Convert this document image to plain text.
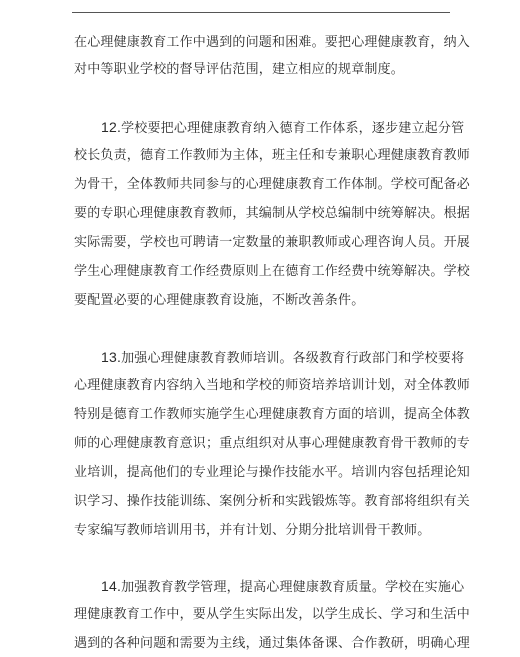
在心理健康教育工作中遇到的问题和困难。要把心理健康教育，纳入
对中等职业学校的督导评估范围，建立相应的规章制度。
12.学校要把心理健康教育纳入德育工作体系，逐步建立起分管
校长负责，德育工作教师为主体，班主任和专兼职心理健康教育教师
为骨干，全体教师共同参与的心理健康教育工作体制。学校可配备必
要的专职心理健康教育教师，其编制从学校总编制中统筹解决。根据
实际需要，学校也可聘请一定数量的兼职教师或心理咨询人员。开展
学生心理健康教育工作经费原则上在德育工作经费中统筹解决。学校
要配置必要的心理健康教育设施，不断改善条件。
13.加强心理健康教育教师培训。各级教育行政部门和学校要将
心理健康教育内容纳入当地和学校的师资培养培训计划，对全体教师
特别是德育工作教师实施学生心理健康教育方面的培训，提高全体教
师的心理健康教育意识；重点组织对从事心理健康教育骨干教师的专
业培训，提高他们的专业理论与操作技能水平。培训内容包括理论知
识学习、操作技能训练、案例分析和实践锻炼等。教育部将组织有关
专家编写教师培训用书，并有计划、分期分批培训骨干教师。
14.加强教育教学管理，提高心理健康教育质量。学校在实施心
理健康教育工作中，要从学生实际出发，以学生成长、学习和生活中
遇到的各种问题和需要为主线，通过集体备课、合作教研，明确心理
